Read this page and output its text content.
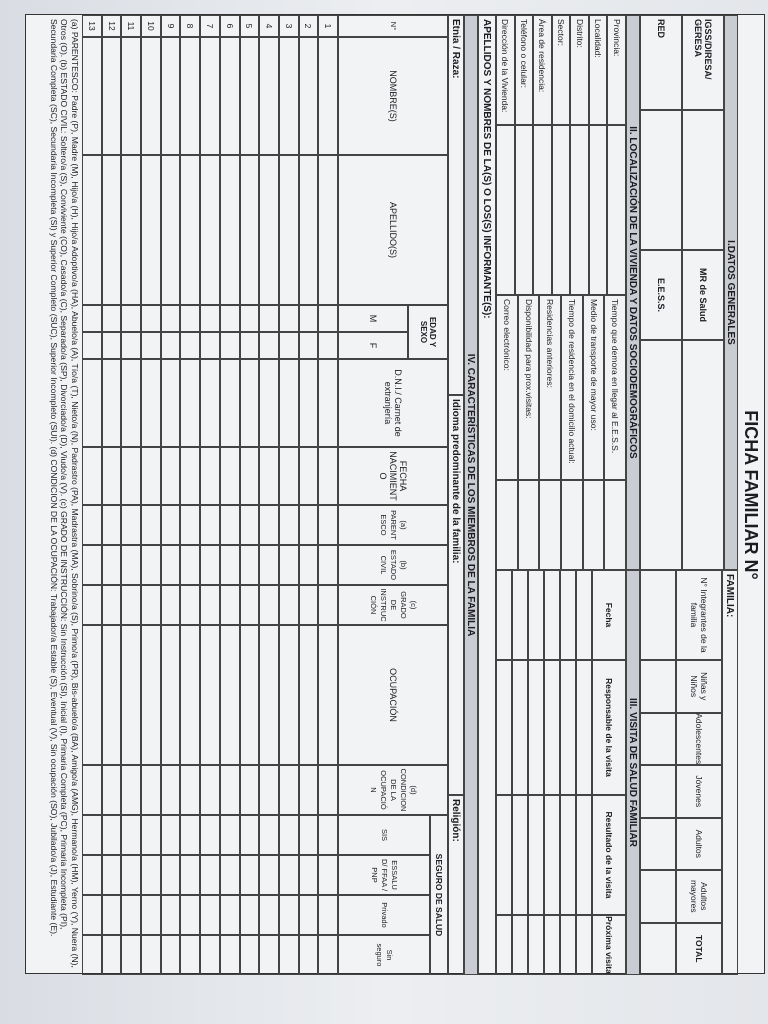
FICHA FAMILIAR N°
I.DATOS GENERALES
IGSS/DIRESA/ GERESA
MR de Salud
RED
E.E.S.S.
FAMILIA:
N° Integrantes de la familia
Niñas y Niños
Adolescentes
Jóvenes
Adultos
Adultos mayores
TOTAL
II. LOCALIZACIÓN DE LA VIVIENDA Y DATOS SOCIODEMOGRÁFICOS
Provincia:
Localidad:
Distrito:
Sector:
Área de residencia:
Teléfono o celular:
Dirección de la Vivienda:
Tiempo que demora en llegar al E.E.S.S.
Medio de transporte de mayor uso:
Tiempo de residencia en el domicilio actual:
Residencias anteriores:
Disponibilidad para prox.visitas:
Correo electrónico:
III. VISITA DE SALUD FAMILIAR
Fecha
Responsable de la visita
Resultado de la visita
Próxima visita
APELLIDOS Y NOMBRES DE LA(S) O LOS(S) INFORMANTE(S):
IV. CARACTERÍSTICAS DE LOS MIEMBROS DE LA FAMILIA
Etnia / Raza:
Idioma predominante de la familia:
Religión:
EDAD Y SEXO
M
F
SEGURO DE SALUD
N°
NOMBRE(S)
APELLIDO(S)
D.N.I./ Carnet de extranjería
FECHA NACIMIENTO
(a) PARENTESCO
(b) ESTADO CIVIL
(c) GRADO DE INSTRUCCIÓN
OCUPACIÓN
(d) CONDICION DE LA OCUPACIÓN
SIS
ESSALUD/ FFAA / PNP
Privado
Sin seguro
1
2
3
4
5
6
7
8
9
10
11
12
13
(a) PARENTESCO: Padre (P), Madre (M), Hijo/a (H), Hijo/a Adoptivo/a (HA), Abuelo/a (A), Tío/a (T), Nieto/a (N), Padrastro (PA), Madrastra (MA), Sobrino/a (S), Primo/a (PR), Bis-abuelo/a (BA), Amigo/a (AMG), Hermano/a (HM), Yerno (Y), Nuera (N), Otros (O). (b) ESTADO CIVIL: Soltero/a (S), Conviviente (CO), Casado/a (C), Separado/a (SP), Divorciado/a (D), Viudo/a (V). (c) GRADO DE INSTRUCCIÓN: Sin Instrucción (SI), Inicial (I), Primaria Completa (PC), Primaria Incompleta (PI), Secundaria Completa (SC), Secundaria Incompleta (SI) y Superior Completo (SUC), Superior Incompleto (SUI). (d) CONDICION DE LA OCUPACIÓN: Trabajador/a Estable (S), Eventual (V), Sin ocupación (SO), Jubilado/a (J), Estudiante (E).
